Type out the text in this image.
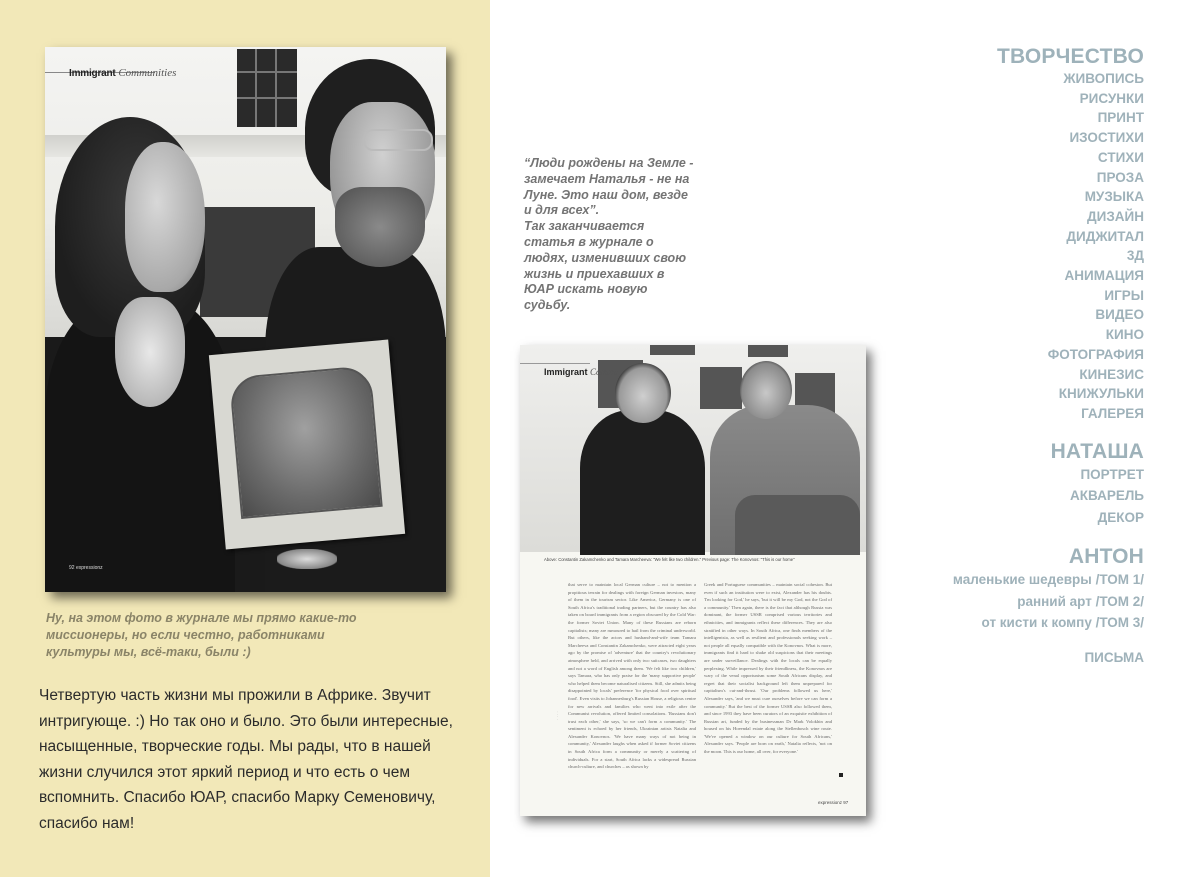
Immigrant Communities
92 expressionz
Ну, на этом фото в журнале мы прямо какие-то миссионеры, но если честно, работниками культуры мы, всё-таки, были :)
Четвертую часть жизни мы прожили в Африке. Звучит интригующе. :) Но так оно и было. Это были интересные, насыщенные, творческие годы. Мы рады, что в нашей жизни случился этот яркий период и что есть о чем вспомнить. Спасибо ЮАР, спасибо Марку Семеновичу, спасибо нам!
“Люди рождены на Земле - замечает Наталья - не на Луне. Это наш дом, везде и для всех”.
Так заканчивается статья в журнале о людях, изменивших свою жизнь и приехавших в ЮАР искать новую судьбу.
Immigrant Commu
Above: Constantin Zakamchenko and Tamara Marcheeva: "We felt like two children." Previous page: The Konovnos: "This is our home"
· · · ·
that serve to maintain local German culture – not to mention a propitious terrain for dealings with foreign German investors, many of them in the tourism sector. Like America, Germany is one of South Africa's traditional trading partners, but the country has also taken on board immigrants from a region obscured by the Cold War: the former Soviet Union. Many of these Russians are reborn capitalists; many are rumoured to hail from the criminal underworld. But others, like the actors and husband-and-wife team Tamara Marcheeva and Constantin Zakamchenko, were attracted eight years ago by the promise of 'adventure' that the country's revolutionary atmosphere held, and arrived with only two suitcases, two daughters and not a word of English among them. 'We felt like two children,' says Tamara, who has only praise for the 'many supportive people' who helped them become naturalised citizens. Still, she admits being disappointed by locals' preference 'for physical food over spiritual food'. Even visits to Johannesburg's Russian House, a religious centre for new arrivals and families who went into exile after the Communist revolution, offered limited consolations. 'Russians don't trust each other,' she says, 'so we can't form a community.' The sentiment is echoed by her friends, Ukrainian artists Natalia and Alexander Konovnos. 'We have many ways of not being in community,' Alexander laughs when asked if former Soviet citizens in South Africa form a community or merely a scattering of individuals. For a start, South Africa lacks a widespread Russian church-culture, and churches – as shown by
Greek and Portuguese communities – maintain social cohesion. But even if such an institution were to exist, Alexander has his doubts. 'I'm looking for God,' he says, 'but it will be my God, not the God of a community.' Then again, there is the fact that although Russia was dominant, the former USSR comprised various territories and ethnicities, and immigrants reflect these differences. They are also stratified in other ways. In South Africa, one finds members of the intelligentsia, as well as resilient and professionals seeking work – not people all equally compatible with the Konovnos. What is more, immigrants find it hard to shake old suspicions that their meetings are under surveillance. Dealings with the locals can be equally perplexing. While impressed by their friendliness, the Konovnos are wary of the venal opportunism some South Africans display, and regret that their socialist background left them unprepared for capitalism's cut-and-thrust. 'Our problems followed us here,' Alexander says, 'and we must cure ourselves before we can form a community.' But the best of the former USSR also followed them, and since 1993 they have been curators of an exquisite exhibition of Russian art, funded by the businessman Dr Mark Volokhin and housed on his Hoeendal estate along the Stellenbosch wine route. 'We've opened a window on our culture for South Africans,' Alexander says. 'People are born on earth,' Natalia reflects, 'not on the moon. This is our home, all over, for everyone.'
expressionz 97
ТВОРЧЕСТВО
ЖИВОПИСЬ
РИСУНКИ
ПРИНТ
ИЗОСТИХИ
СТИХИ
ПРОЗА
МУЗЫКА
ДИЗАЙН
ДИДЖИТАЛ
3Д
АНИМАЦИЯ
ИГРЫ
ВИДЕО
КИНО
ФОТОГРАФИЯ
КИНЕЗИС
КНИЖУЛЬКИ
ГАЛЕРЕЯ
НАТАША
ПОРТРЕТ
АКВАРЕЛЬ
ДЕКОР
АНТОН
маленькие шедевры /ТОМ 1/
ранний арт /ТОМ 2/
от кисти к компу /ТОМ 3/
ПИСЬМА
